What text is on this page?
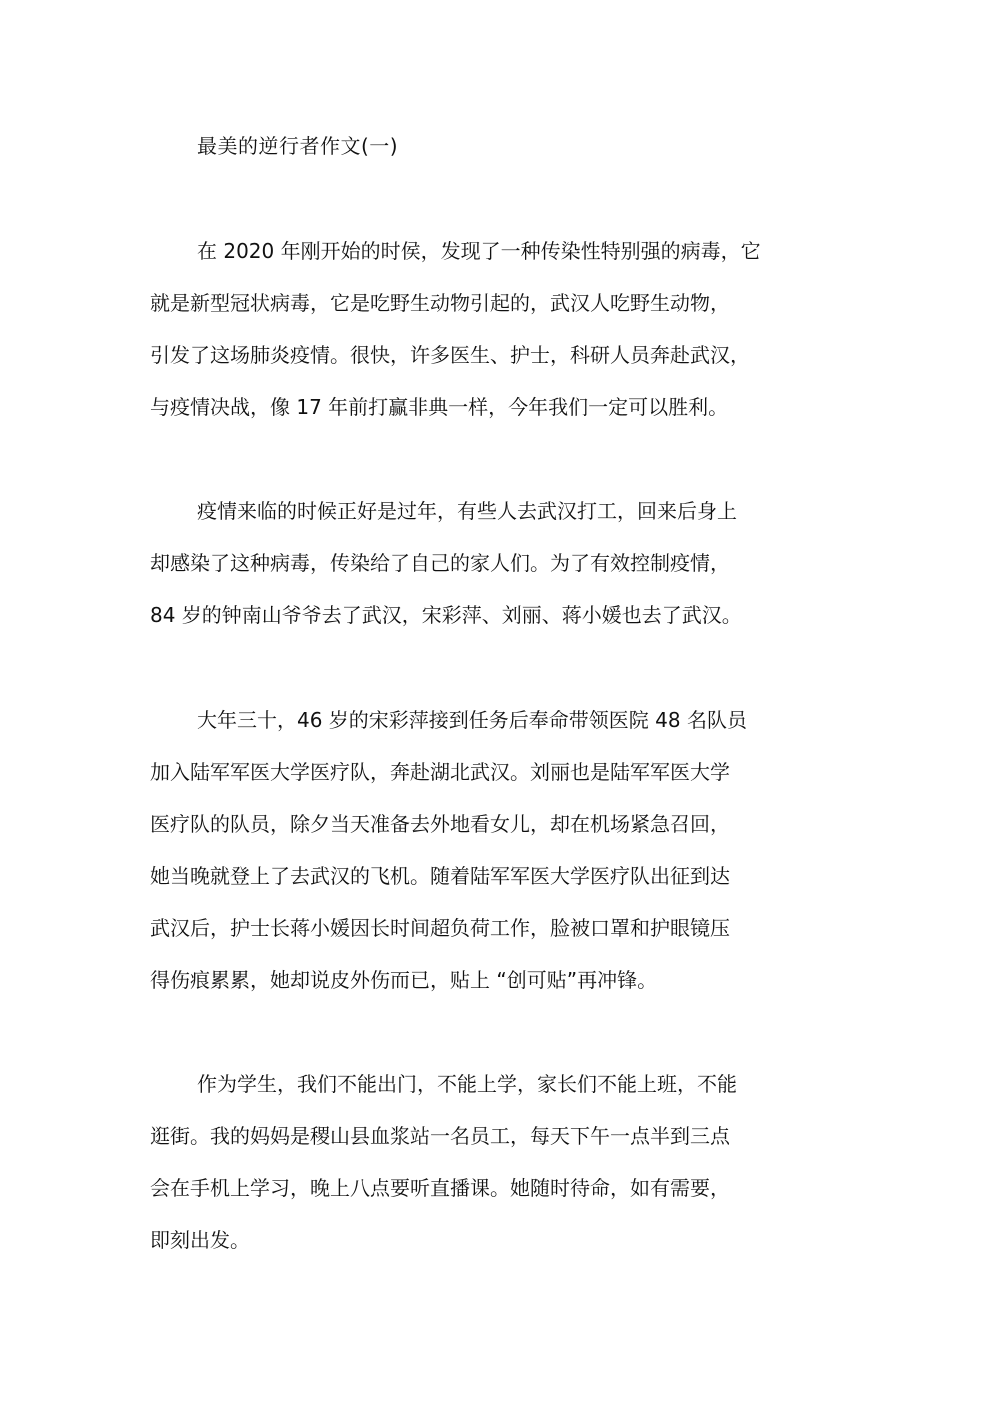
最美的逆行者作文(一)
在 2020 年刚开始的时侯，发现了一种传染性特别强的病毒，它
就是新型冠状病毒，它是吃野生动物引起的，武汉人吃野生动物，
引发了这场肺炎疫情。很快，许多医生、护士，科研人员奔赴武汉，
与疫情决战，像 17 年前打赢非典一样，今年我们一定可以胜利。
疫情来临的时候正好是过年，有些人去武汉打工，回来后身上
却感染了这种病毒，传染给了自己的家人们。为了有效控制疫情，
84 岁的钟南山爷爷去了武汉，宋彩萍、刘丽、蒋小媛也去了武汉。
大年三十，46 岁的宋彩萍接到任务后奉命带领医院 48 名队员
加入陆军军医大学医疗队，奔赴湖北武汉。刘丽也是陆军军医大学
医疗队的队员，除夕当天准备去外地看女儿，却在机场紧急召回，
她当晚就登上了去武汉的飞机。随着陆军军医大学医疗队出征到达
武汉后，护士长蒋小媛因长时间超负荷工作，脸被口罩和护眼镜压
得伤痕累累，她却说皮外伤而已，贴上 “创可贴”再冲锋。
作为学生，我们不能出门，不能上学，家长们不能上班，不能
逛街。我的妈妈是稷山县血浆站一名员工，每天下午一点半到三点
会在手机上学习，晚上八点要听直播课。她随时待命，如有需要，
即刻出发。
